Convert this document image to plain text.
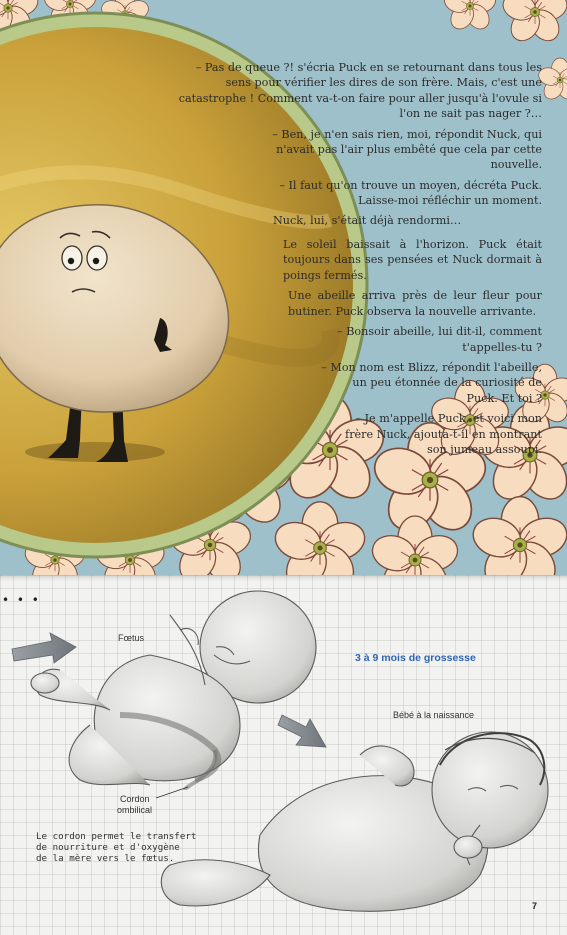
– Pas de queue ?! s'écria Puck en se retournant dans tous les sens pour vérifier les dires de son frère. Mais, c'est une catastrophe ! Comment va-t-on faire pour aller jusqu'à l'ovule si l'on ne sait pas nager ?…

– Ben, je n'en sais rien, moi, répondit Nuck, qui n'avait pas l'air plus embêté que cela par cette nouvelle.

– Il faut qu'on trouve un moyen, décréta Puck. Laisse-moi réfléchir un moment.

Nuck, lui, s'était déjà rendormi…

Le soleil baissait à l'horizon. Puck était toujours dans ses pensées et Nuck dormait à poings fermés.

Une abeille arriva près de leur fleur pour butiner. Puck observa la nouvelle arrivante.

– Bonsoir abeille, lui dit-il, comment t'appelles-tu ?

– Mon nom est Blizz, répondit l'abeille, un peu étonnée de la curiosité de Puck. Et toi ?

– Je m'appelle Puck, et voici mon frère Nuck, ajouta-t-il en montrant son jumeau assoupi.

• • •
Fœtus
3 à 9 mois de grossesse
Bébé à la naissance
Cordon
ombilical
Le cordon permet le transfert
de nourriture et d'oxygène
de la mère vers le fœtus.
7
